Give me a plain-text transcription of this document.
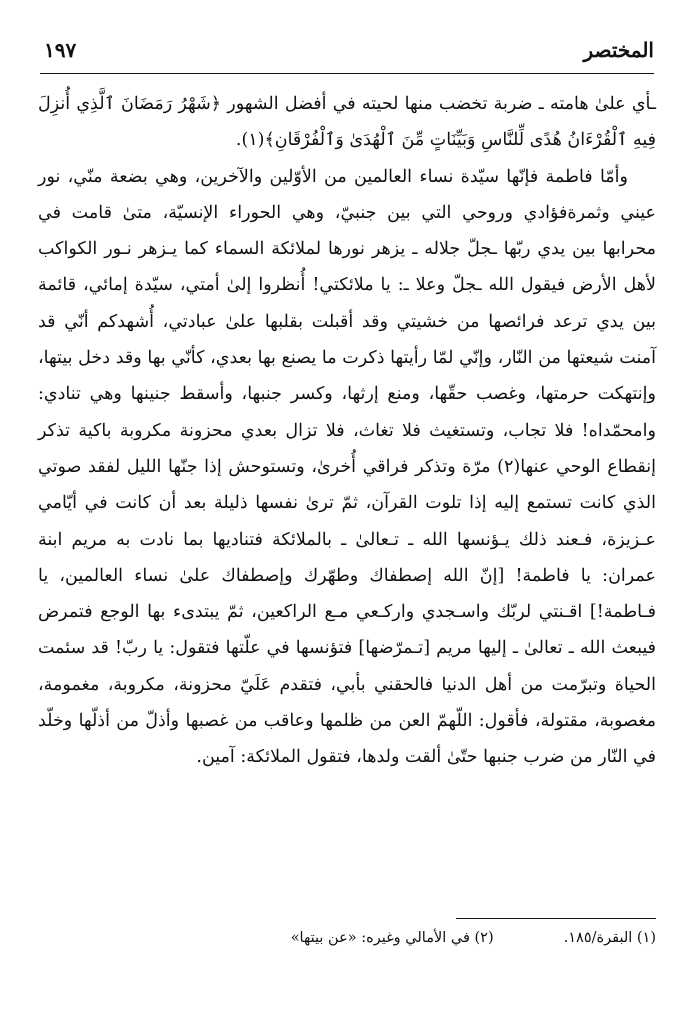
المختصر
١٩٧

ـأي علىٰ هامته ـ ضربة تخضب منها لحيته في أفضل الشهور ﴿شَهْرُ رَمَضَانَ ٱلَّذِي أُنزِلَ فِيهِ ٱلْقُرْءَانُ هُدًى لِّلنَّاسِ وَبَيِّنَاتٍ مِّنَ ٱلْهُدَىٰ وَٱلْفُرْقَانِ﴾(١).

وأمّا فاطمة فإنّها سيّدة نساء العالمين من الأوّلين والآخرين، وهي بضعة منّي، نور عيني وثمرةفؤادي وروحي التي بين جنبيّ، وهي الحوراء الإنسيّة، متىٰ قامت في محرابها بين يدي ربّها ـجلّ جلاله ـ يزهر نورها لملائكة السماء كما يـزهر نـور الكواكب لأهل الأرض فيقول الله ـجلّ وعلا ـ: يا ملائكتي! أُنظروا إلىٰ أمتي، سيّدة إمائي، قائمة بين يدي ترعد فرائصها من خشيتي وقد أقبلت بقلبها علىٰ عبادتي، أُشهدكم أنّي قد آمنت شيعتها من النّار، وإنّي لمّا رأيتها ذكرت ما يصنع بها بعدي، كأنّي بها وقد دخل بيتها، وإنتهكت حرمتها، وغصب حقّها، ومنع إرثها، وكسر جنبها، وأسقط جنينها وهي تنادي: وامحمّداه! فلا تجاب، وتستغيث فلا تغاث، فلا تزال بعدي محزونة مكروبة باكية تذكر إنقطاع الوحي عنها(٢) مرّة وتذكر فراقي أُخرىٰ، وتستوحش إذا جنّها الليل لفقد صوتي الذي كانت تستمع إليه إذا تلوت القرآن، ثمّ ترىٰ نفسها ذليلة بعد أن كانت في أيّامي عـزيزة، فـعند ذلك يـؤنسها الله ـ تـعالىٰ ـ بالملائكة فتناديها بما نادت به مريم ابنة عمران: يا فاطمة! [إنّ الله إصطفاك وطهّرك وإصطفاك علىٰ نساء العالمين، يا فـاطمة!] اقـنتي لربّك واسـجدي واركـعي مـع الراكعين، ثمّ يبتدىء بها الوجع فتمرض فيبعث الله ـ تعالىٰ ـ إليها مريم [تـمرّضها] فتؤنسها في علّتها فتقول: يا ربّ! قد سئمت الحياة وتبرّمت من أهل الدنيا فالحقني بأبي، فتقدم عَلَيّ محزونة، مكروبة، مغمومة، مغصوبة، مقتولة، فأقول: اللّهمّ العن من ظلمها وعاقب من غصبها وأذلّ من أذلّها وخلّد في النّار من ضرب جنبها حتّىٰ ألقت ولدها، فتقول الملائكة: آمين.

(١) البقرة/١٨٥.
(٢) في الأمالي وغيره: «عن بيتها»
